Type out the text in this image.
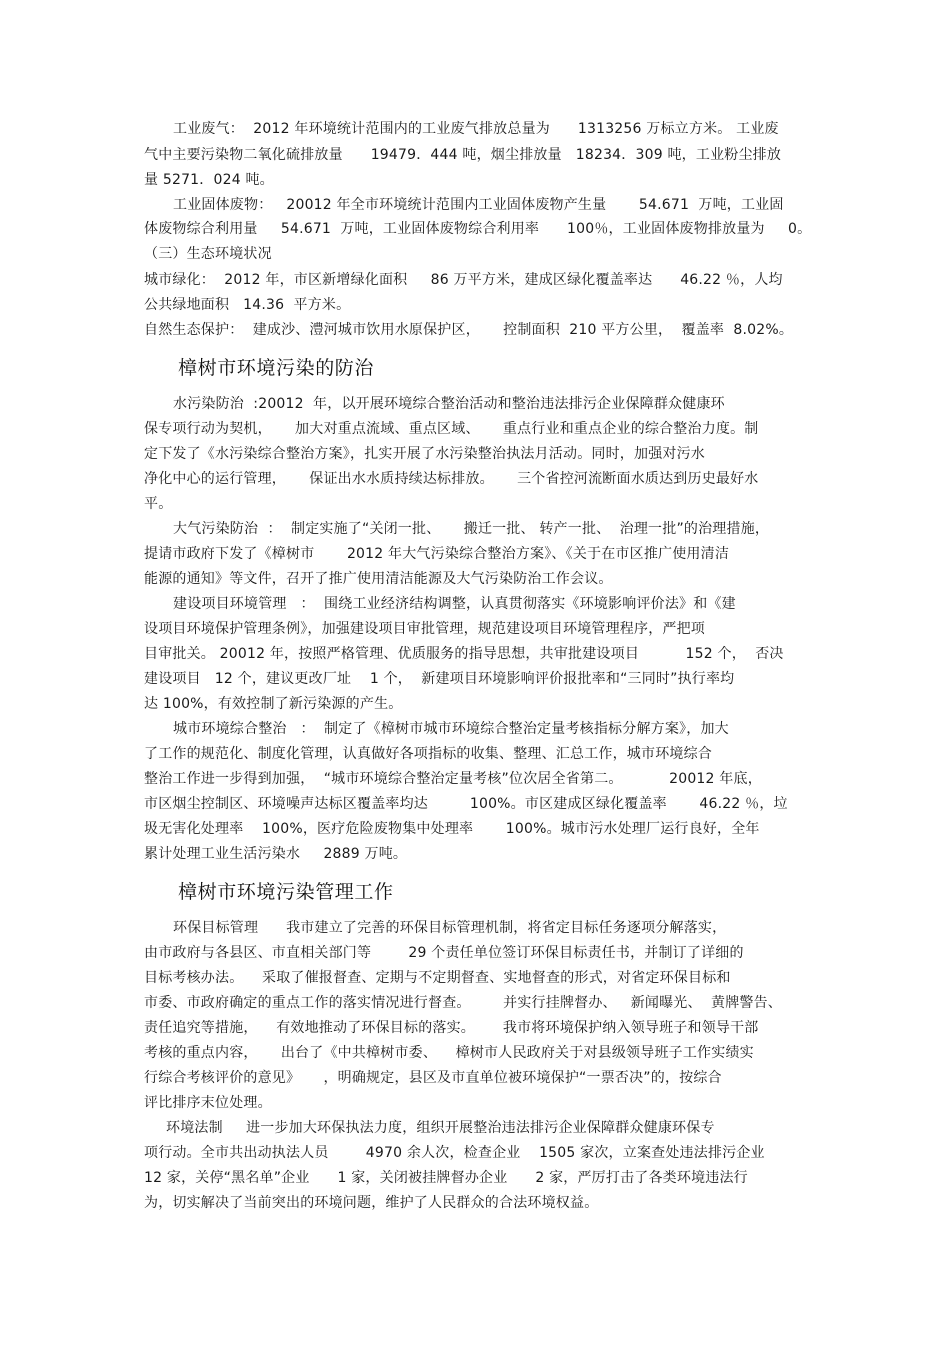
工业废气：  2012 年环境统计范围内的工业废气排放总量为      1313256 万标立方米。 工业废
气中主要污染物二氧化硫排放量      19479．444 吨，烟尘排放量   18234．309 吨，工业粉尘排放
量 5271．024 吨。
工业固体废物：   20012 年全市环境统计范围内工业固体废物产生量       54.671  万吨，工业固
体废物综合利用量     54.671  万吨，工业固体废物综合利用率      100％，工业固体废物排放量为     0。
（三）生态环境状况
城市绿化：  2012 年，市区新增绿化面积     86 万平方米，建成区绿化覆盖率达      46.22 ％，人均
公共绿地面积   14.36  平方米。
自然生态保护：  建成沙、澧河城市饮用水原保护区，     控制面积  210 平方公里，  覆盖率  8.02%。
樟树市环境污染的防治
水污染防治  :20012  年，以开展环境综合整治活动和整治违法排污企业保障群众健康环
保专项行动为契机，     加大对重点流域、重点区域、     重点行业和重点企业的综合整治力度。制
定下发了《水污染综合整治方案》，扎实开展了水污染整治执法月活动。同时，加强对污水
净化中心的运行管理，     保证出水水质持续达标排放。     三个省控河流断面水质达到历史最好水
平。
大气污染防治  ：  制定实施了“关闭一批、     搬迁一批、 转产一批、  治理一批”的治理措施，
提请市政府下发了《樟树市       2012 年大气污染综合整治方案》、《关于在市区推广使用清洁
能源的通知》等文件，召开了推广使用清洁能源及大气污染防治工作会议。
建设项目环境管理   ：  围绕工业经济结构调整，认真贯彻落实《环境影响评价法》和《建
设项目环境保护管理条例》，加强建设项目审批管理，规范建设项目环境管理程序，严把项
目审批关。 20012 年，按照严格管理、优质服务的指导思想，共审批建设项目          152 个，  否决
建设项目   12 个，建议更改厂址    1 个，  新建项目环境影响评价报批率和“三同时”执行率均
达 100%，有效控制了新污染源的产生。
城市环境综合整治   ：  制定了《樟树市城市环境综合整治定量考核指标分解方案》，加大
了工作的规范化、制度化管理，认真做好各项指标的收集、整理、汇总工作，城市环境综合
整治工作进一步得到加强，  “城市环境综合整治定量考核”位次居全省第二。          20012 年底，
市区烟尘控制区、环境噪声达标区覆盖率均达         100%。市区建成区绿化覆盖率       46.22 ％，垃
圾无害化处理率    100%，医疗危险废物集中处理率       100%。城市污水处理厂运行良好，全年
累计处理工业生活污染水     2889 万吨。
樟树市环境污染管理工作
环保目标管理      我市建立了完善的环保目标管理机制，将省定目标任务逐项分解落实，
由市政府与各县区、市直相关部门等        29 个责任单位签订环保目标责任书，并制订了详细的
目标考核办法。    采取了催报督查、定期与不定期督查、实地督查的形式，对省定环保目标和
市委、市政府确定的重点工作的落实情况进行督查。       并实行挂牌督办、   新闻曝光、  黄牌警告、
责任追究等措施，    有效地推动了环保目标的落实。      我市将环境保护纳入领导班子和领导干部
考核的重点内容，     出台了《中共樟树市委、    樟树市人民政府关于对县级领导班子工作实绩实
行综合考核评价的意见》     ，明确规定，县区及市直单位被环境保护“一票否决”的，按综合
评比排序末位处理。
环境法制     进一步加大环保执法力度，组织开展整治违法排污企业保障群众健康环保专
项行动。全市共出动执法人员        4970 余人次，检查企业    1505 家次，立案查处违法排污企业
12 家，关停“黑名单”企业      1 家，关闭被挂牌督办企业      2 家，严厉打击了各类环境违法行
为，切实解决了当前突出的环境问题，维护了人民群众的合法环境权益。
